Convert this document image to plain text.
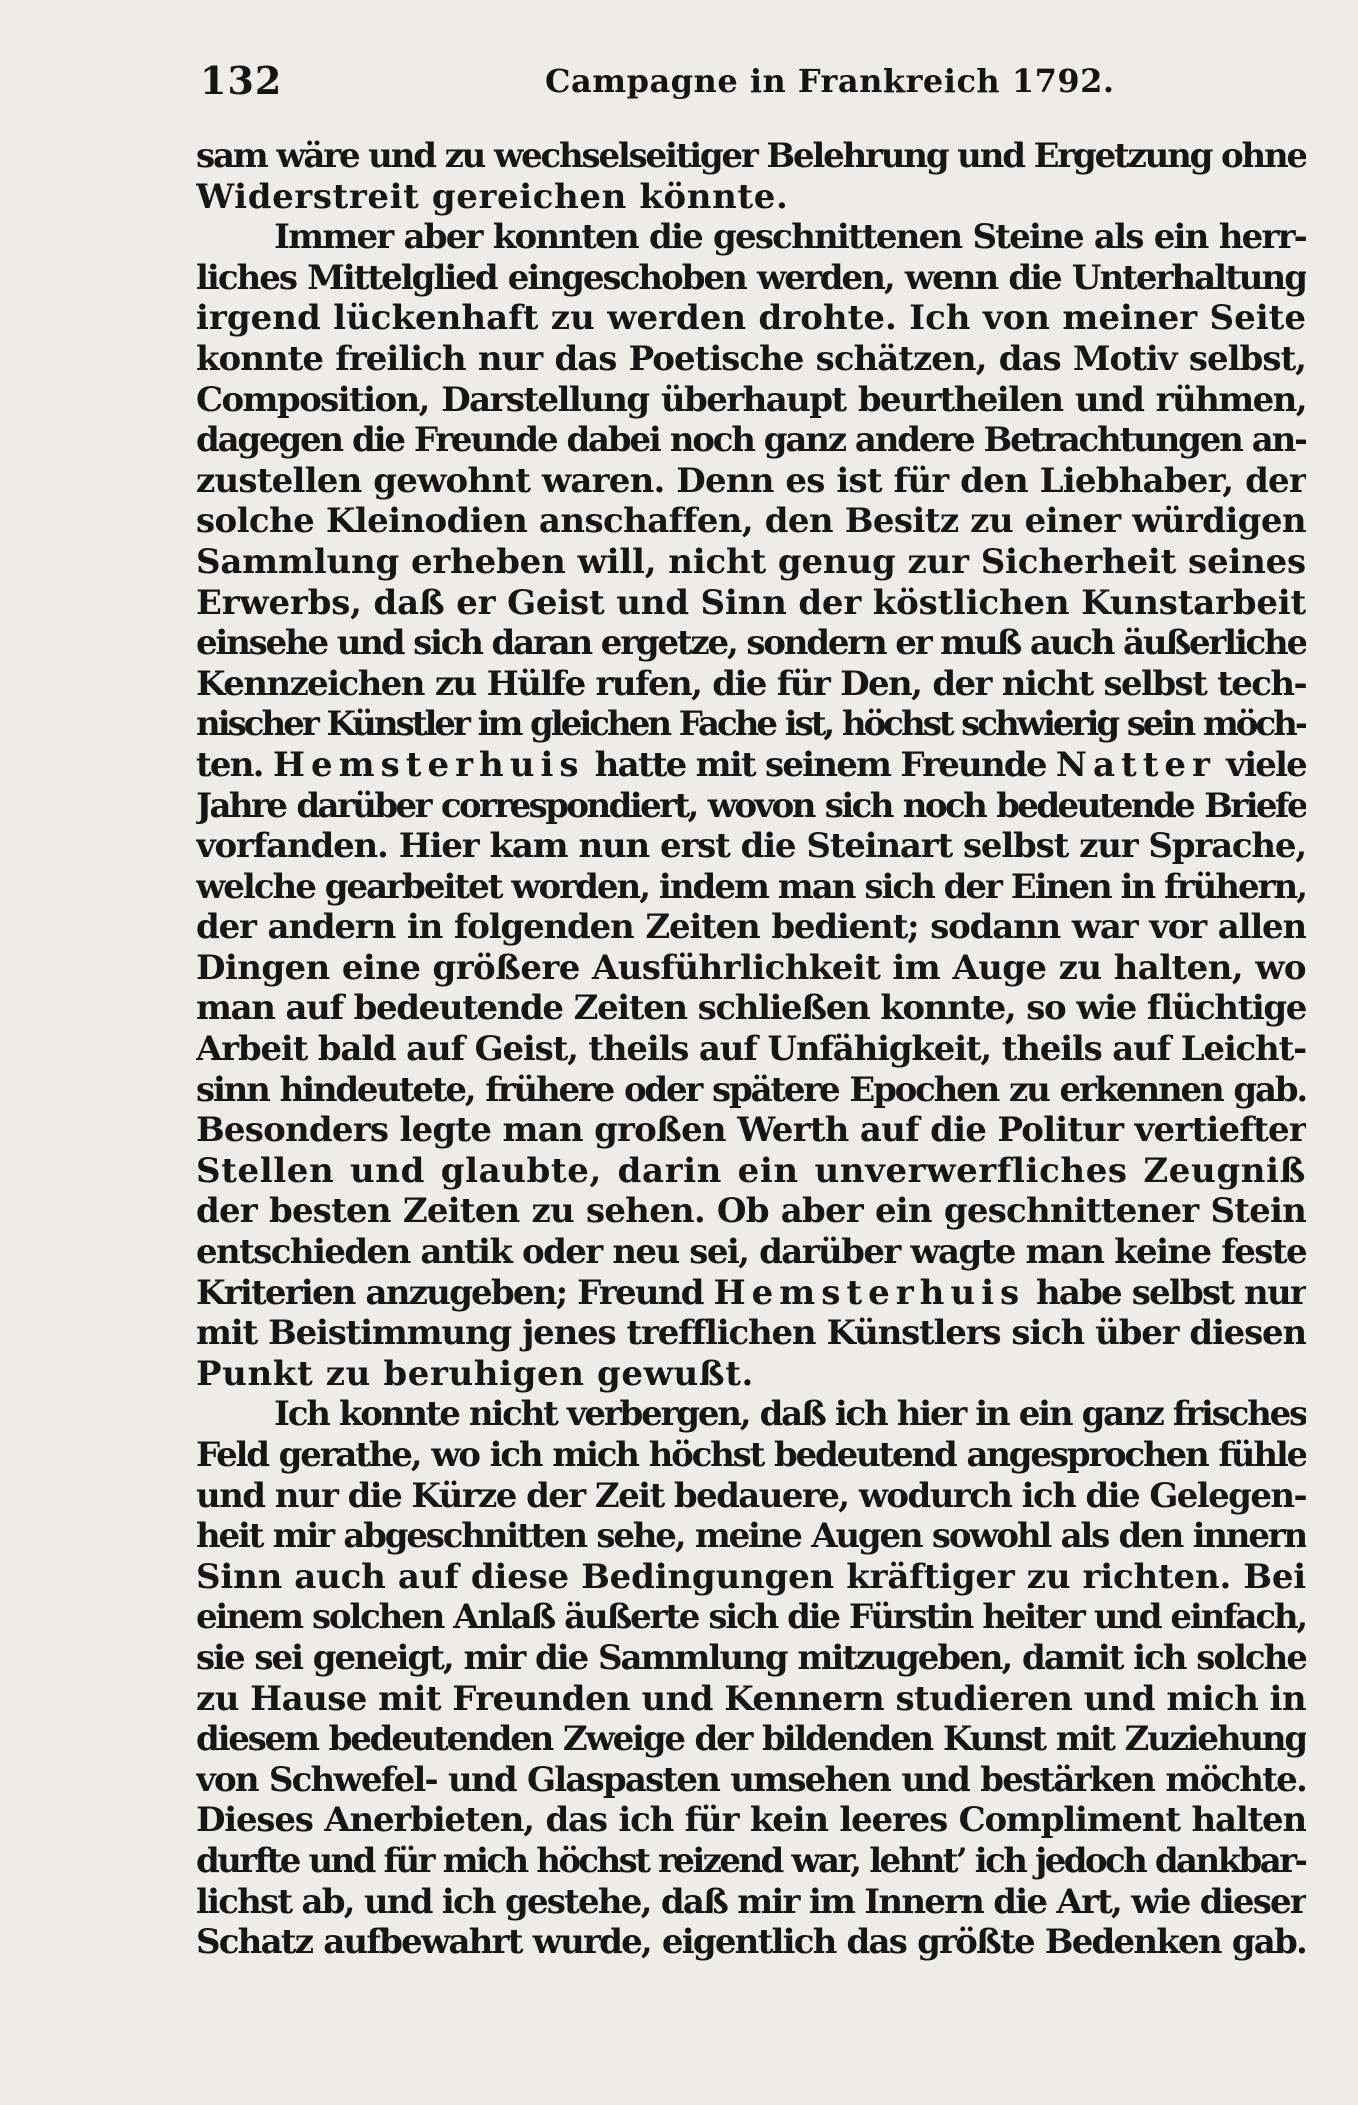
132	Campagne in Frankreich 1792.
sam wäre und zu wechselseitiger Belehrung und Ergetzung ohne
Widerstreit gereichen könnte.
Immer aber konnten die geschnittenen Steine als ein herr-
liches Mittelglied eingeschoben werden, wenn die Unterhaltung
irgend lückenhaft zu werden drohte. Ich von meiner Seite
konnte freilich nur das Poetische schätzen, das Motiv selbst,
Composition, Darstellung überhaupt beurtheilen und rühmen,
dagegen die Freunde dabei noch ganz andere Betrachtungen an-
zustellen gewohnt waren. Denn es ist für den Liebhaber, der
solche Kleinodien anschaffen, den Besitz zu einer würdigen
Sammlung erheben will, nicht genug zur Sicherheit seines
Erwerbs, daß er Geist und Sinn der köstlichen Kunstarbeit
einsehe und sich daran ergetze, sondern er muß auch äußerliche
Kennzeichen zu Hülfe rufen, die für Den, der nicht selbst tech-
nischer Künstler im gleichen Fache ist, höchst schwierig sein möch-
ten. Hemsterhuis hatte mit seinem Freunde Natter viele
Jahre darüber correspondiert, wovon sich noch bedeutende Briefe
vorfanden. Hier kam nun erst die Steinart selbst zur Sprache,
welche gearbeitet worden, indem man sich der Einen in frühern,
der andern in folgenden Zeiten bedient; sodann war vor allen
Dingen eine größere Ausführlichkeit im Auge zu halten, wo
man auf bedeutende Zeiten schließen konnte, so wie flüchtige
Arbeit bald auf Geist, theils auf Unfähigkeit, theils auf Leicht-
sinn hindeutete, frühere oder spätere Epochen zu erkennen gab.
Besonders legte man großen Werth auf die Politur vertiefter
Stellen und glaubte, darin ein unverwerfliches Zeugniß
der besten Zeiten zu sehen. Ob aber ein geschnittener Stein
entschieden antik oder neu sei, darüber wagte man keine feste
Kriterien anzugeben; Freund Hemsterhuis habe selbst nur
mit Beistimmung jenes trefflichen Künstlers sich über diesen
Punkt zu beruhigen gewußt.
Ich konnte nicht verbergen, daß ich hier in ein ganz frisches
Feld gerathe, wo ich mich höchst bedeutend angesprochen fühle
und nur die Kürze der Zeit bedauere, wodurch ich die Gelegen-
heit mir abgeschnitten sehe, meine Augen sowohl als den innern
Sinn auch auf diese Bedingungen kräftiger zu richten. Bei
einem solchen Anlaß äußerte sich die Fürstin heiter und einfach,
sie sei geneigt, mir die Sammlung mitzugeben, damit ich solche
zu Hause mit Freunden und Kennern studieren und mich in
diesem bedeutenden Zweige der bildenden Kunst mit Zuziehung
von Schwefel- und Glaspasten umsehen und bestärken möchte.
Dieses Anerbieten, das ich für kein leeres Compliment halten
durfte und für mich höchst reizend war, lehnt’ ich jedoch dankbar-
lichst ab, und ich gestehe, daß mir im Innern die Art, wie dieser
Schatz aufbewahrt wurde, eigentlich das größte Bedenken gab.
